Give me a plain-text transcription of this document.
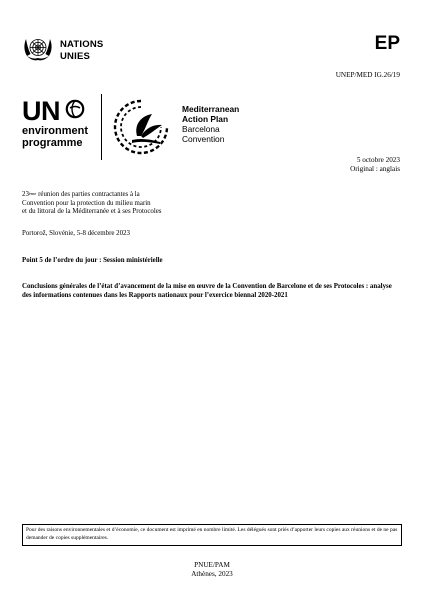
NATIONS
UNIES
EP
UNEP/MED IG.26/19
UN
environment
programme
Mediterranean
Action Plan
Barcelona
Convention
5 octobre 2023
Original : anglais
23ème réunion des parties contractantes à la
Convention pour la protection du milieu marin
et du littoral de la Méditerranée et à ses Protocoles
Portorož, Slovénie, 5-8 décembre 2023
Point 5 de l’ordre du jour : Session ministérielle
Conclusions générales de l’état d’avancement de la mise en œuvre de la Convention de Barcelone et de ses Protocoles : analyse des informations contenues dans les Rapports nationaux pour l’exercice biennal 2020-2021
Pour des raisons environnementales et d’économie, ce document est imprimé en nombre limité. Les délégués sont priés d’apporter leurs copies aux réunions et de ne pas demander de copies supplémentaires.
PNUE/PAM
Athènes, 2023
